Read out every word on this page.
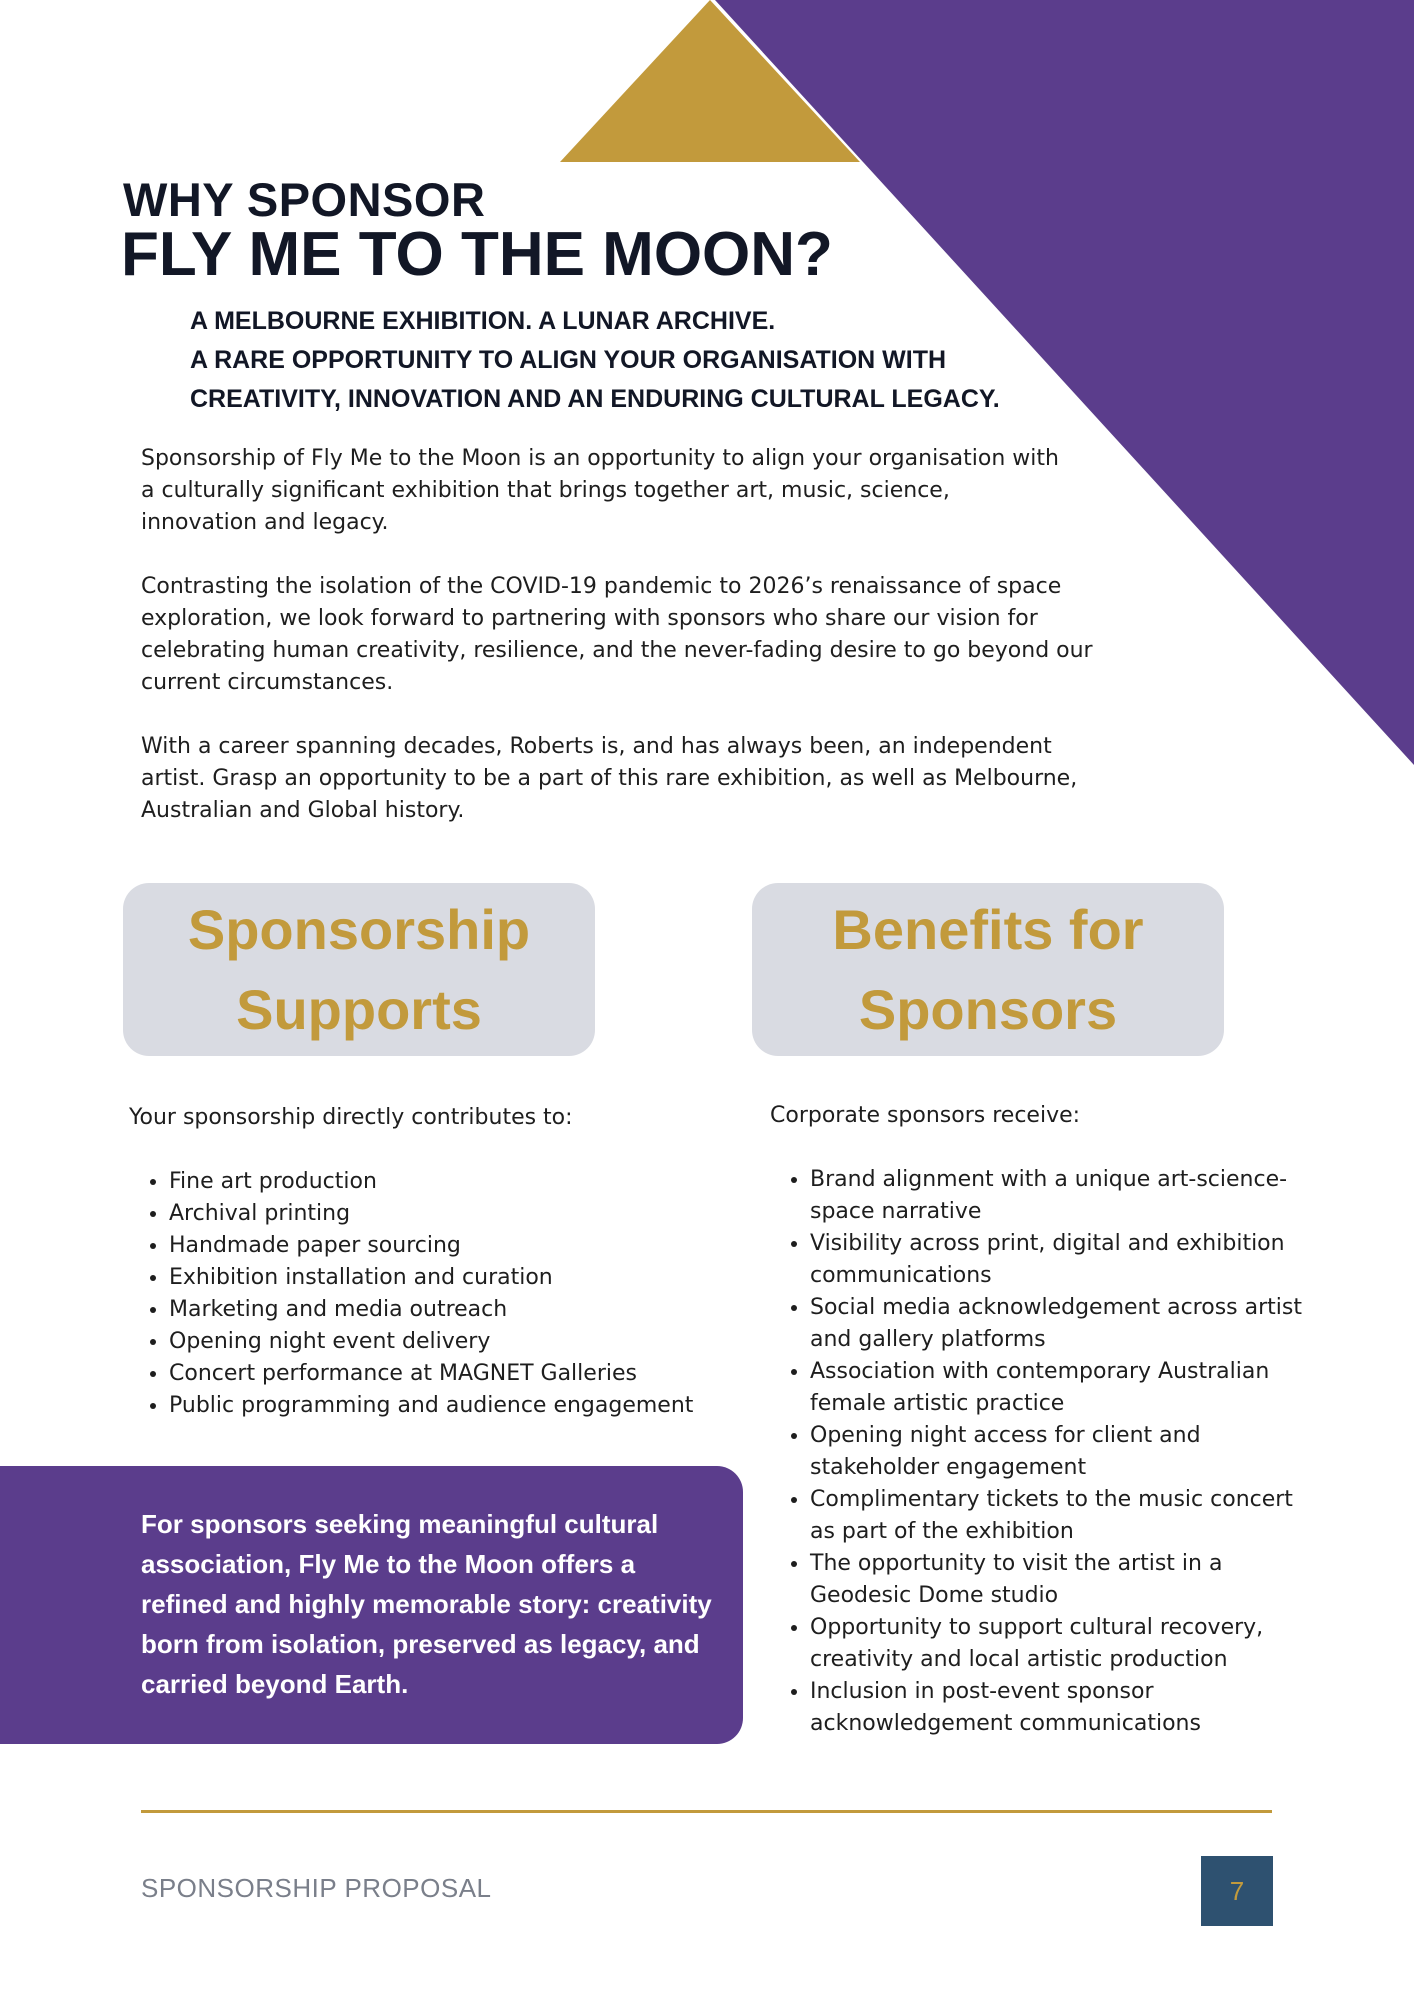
WHY SPONSOR
FLY ME TO THE MOON?
A MELBOURNE EXHIBITION. A LUNAR ARCHIVE.
A RARE OPPORTUNITY TO ALIGN YOUR ORGANISATION WITH
CREATIVITY, INNOVATION AND AN ENDURING CULTURAL LEGACY.

Sponsorship of Fly Me to the Moon is an opportunity to align your organisation with a culturally significant exhibition that brings together art, music, science, innovation and legacy.

Contrasting the isolation of the COVID-19 pandemic to 2026’s renaissance of space exploration, we look forward to partnering with sponsors who share our vision for celebrating human creativity, resilience, and the never-fading desire to go beyond our current circumstances.

With a career spanning decades, Roberts is, and has always been, an independent artist. Grasp an opportunity to be a part of this rare exhibition, as well as Melbourne, Australian and Global history.

Sponsorship
Supports
Benefits for
Sponsors

Your sponsorship directly contributes to:

• Fine art production
• Archival printing
• Handmade paper sourcing
• Exhibition installation and curation
• Marketing and media outreach
• Opening night event delivery
• Concert performance at MAGNET Galleries
• Public programming and audience engagement

Corporate sponsors receive:

• Brand alignment with a unique art-science-space narrative
• Visibility across print, digital and exhibition communications
• Social media acknowledgement across artist and gallery platforms
• Association with contemporary Australian female artistic practice
• Opening night access for client and stakeholder engagement
• Complimentary tickets to the music concert as part of the exhibition
• The opportunity to visit the artist in a Geodesic Dome studio
• Opportunity to support cultural recovery, creativity and local artistic production
• Inclusion in post-event sponsor acknowledgement communications

For sponsors seeking meaningful cultural association, Fly Me to the Moon offers a refined and highly memorable story: creativity born from isolation, preserved as legacy, and carried beyond Earth.

SPONSORSHIP PROPOSAL	7
